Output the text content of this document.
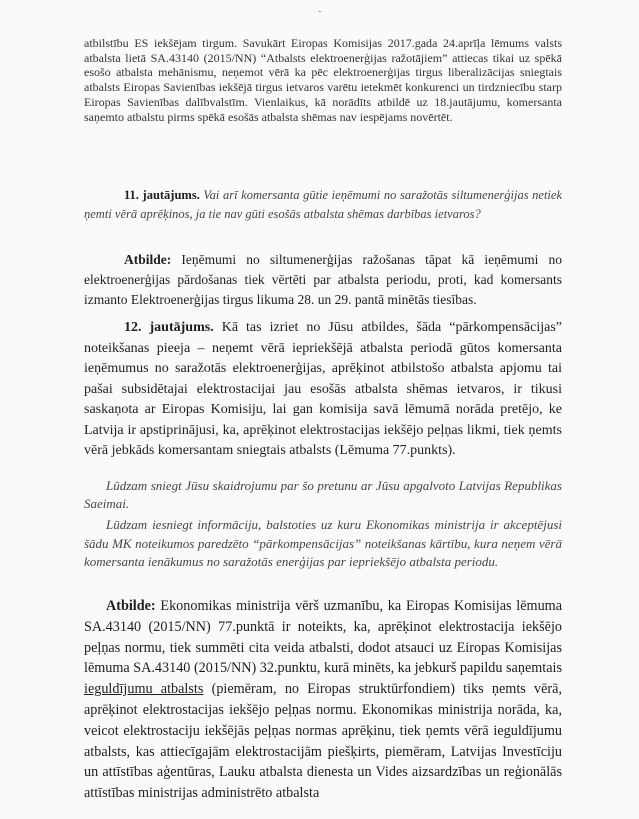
-
atbilstību ES iekšējam tirgum. Savukārt Eiropas Komisijas 2017.gada 24.aprīļa lēmums valsts atbalsta lietā SA.43140 (2015/NN) “Atbalsts elektroenerģijas ražotājiem” attiecas tikai uz spēkā esošo atbalsta mehānismu, neņemot vērā ka pēc elektroenerģijas tirgus liberalizācijas sniegtais atbalsts Eiropas Savienības iekšējā tirgus ietvaros varētu ietekmēt konkurenci un tirdzniecību starp Eiropas Savienības dalībvalstīm. Vienlaikus, kā norādīts atbildē uz 18.jautājumu, komersanta saņemto atbalstu pirms spēkā esošās atbalsta shēmas nav iespējams novērtēt.
11. jautājums. Vai arī komersanta gūtie ieņēmumi no saražotās siltumenerģijas netiek ņemti vērā aprēķinos, ja tie nav gūti esošās atbalsta shēmas darbības ietvaros?
Atbilde: Ieņēmumi no siltumenerģijas ražošanas tāpat kā ieņēmumi no elektroenerģijas pārdošanas tiek vērtēti par atbalsta periodu, proti, kad komersants izmanto Elektroenerģijas tirgus likuma 28. un 29. pantā minētās tiesības.
12. jautājums. Kā tas izriet no Jūsu atbildes, šāda “pārkompensācijas” noteikšanas pieeja – neņemt vērā iepriekšējā atbalsta periodā gūtos komersanta ieņēmumus no saražotās elektroenerģijas, aprēķinot atbilstošo atbalsta apjomu tai pašai subsidētajai elektrostacijai jau esošās atbalsta shēmas ietvaros, ir tikusi saskaņota ar Eiropas Komisiju, lai gan komisija savā lēmumā norāda pretējo, ke Latvija ir apstiprinājusi, ka, aprēķinot elektrostacijas iekšējo peļņas likmi, tiek ņemts vērā jebkāds komersantam sniegtais atbalsts (Lēmuma 77.punkts).
Lūdzam sniegt Jūsu skaidrojumu par šo pretunu ar Jūsu apgalvoto Latvijas Republikas Saeimai.
Lūdzam iesniegt informāciju, balstoties uz kuru Ekonomikas ministrija ir akceptējusi šādu MK noteikumos paredzēto “pārkompensācijas” noteikšanas kārtību, kura neņem vērā komersanta ienākumus no saražotās enerģijas par iepriekšējo atbalsta periodu.
Atbilde: Ekonomikas ministrija vērš uzmanību, ka Eiropas Komisijas lēmuma SA.43140 (2015/NN) 77.punktā ir noteikts, ka, aprēķinot elektrostacija iekšējo peļņas normu, tiek summēti cita veida atbalsti, dodot atsauci uz Eiropas Komisijas lēmuma SA.43140 (2015/NN) 32.punktu, kurā minēts, ka jebkurš papildu saņemtais ieguldījumu atbalsts (piemēram, no Eiropas struktūrfondiem) tiks ņemts vērā, aprēķinot elektrostacijas iekšējo peļņas normu. Ekonomikas ministrija norāda, ka, veicot elektrostaciju iekšējās peļņas normas aprēķinu, tiek ņemts vērā ieguldījumu atbalsts, kas attiecīgajām elektrostacijām piešķirts, piemēram, Latvijas Investīciju un attīstības aģentūras, Lauku atbalsta dienesta un Vides aizsardzības un reģionālās attīstības ministrijas administrēto atbalsta
